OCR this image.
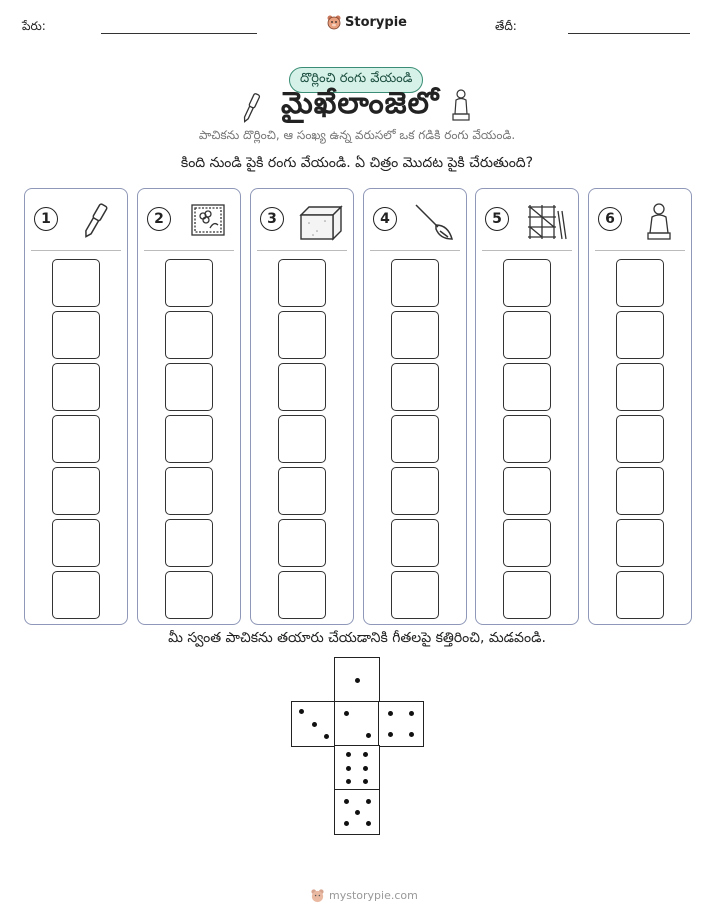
పేరు:	Storypie	తేదీ:
దొర్లించి రంగు వేయండి
మైఖేలాంజెలో
పాచికను దొర్లించి, ఆ సంఖ్య ఉన్న వరుసలో ఒక గడికి రంగు వేయండి.
కింది నుండి పైకి రంగు వేయండి. ఏ చిత్రం మొదట పైకి చేరుతుంది?
1	2	3	4	5	6
మీ స్వంత పాచికను తయారు చేయడానికి గీతలపై కత్తిరించి, మడవండి.
mystorypie.com
